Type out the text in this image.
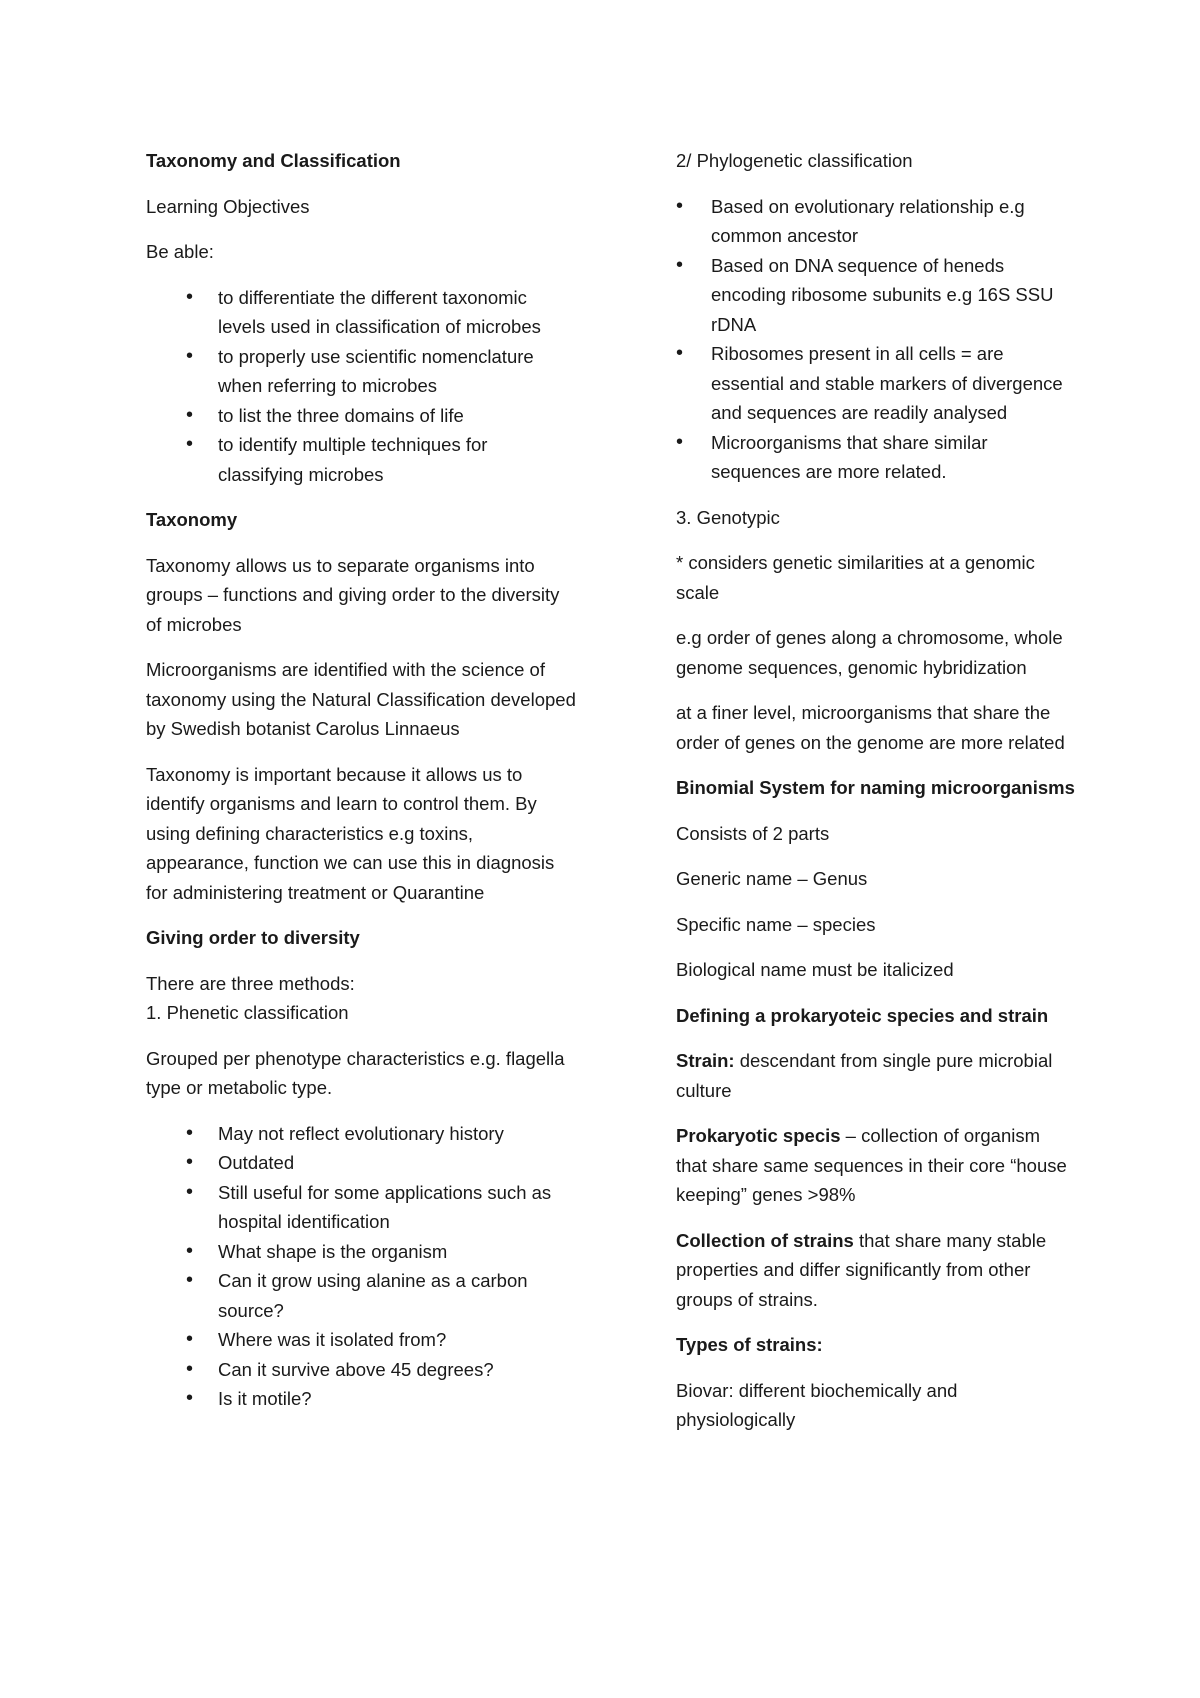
Taxonomy and Classification

Learning Objectives

Be able:

• to differentiate the different taxonomic levels used in classification of microbes
• to properly use scientific nomenclature when referring to microbes
• to list the three domains of life
• to identify multiple techniques for classifying microbes

Taxonomy

Taxonomy allows us to separate organisms into groups – functions and giving order to the diversity of microbes

Microorganisms are identified with the science of taxonomy using the Natural Classification developed by Swedish botanist Carolus Linnaeus

Taxonomy is important because it allows us to identify organisms and learn to control them. By using defining characteristics e.g toxins, appearance, function we can use this in diagnosis for administering treatment or Quarantine

Giving order to diversity

There are three methods:

1. Phenetic classification

Grouped per phenotype characteristics e.g. flagella type or metabolic type.

• May not reflect evolutionary history
• Outdated
• Still useful for some applications such as hospital identification
• What shape is the organism
• Can it grow using alanine as a carbon source?
• Where was it isolated from?
• Can it survive above 45 degrees?
• Is it motile?

2/ Phylogenetic classification

• Based on evolutionary relationship e.g common ancestor
• Based on DNA sequence of heneds encoding ribosome subunits e.g 16S SSU rDNA
• Ribosomes present in all cells = are essential and stable markers of divergence and sequences are readily analysed
• Microorganisms that share similar sequences are more related.

3. Genotypic

* considers genetic similarities at a genomic scale

e.g order of genes along a chromosome, whole genome sequences, genomic hybridization

at a finer level, microorganisms that share the order of genes on the genome are more related

Binomial System for naming microorganisms

Consists of 2 parts

Generic name – Genus

Specific name – species

Biological name must be italicized

Defining a prokaryoteic species and strain

Strain: descendant from single pure microbial culture

Prokaryotic specis – collection of organism that share same sequences in their core “house keeping” genes >98%

Collection of strains that share many stable properties and differ significantly from other groups of strains.

Types of strains:

Biovar: different biochemically and physiologically
